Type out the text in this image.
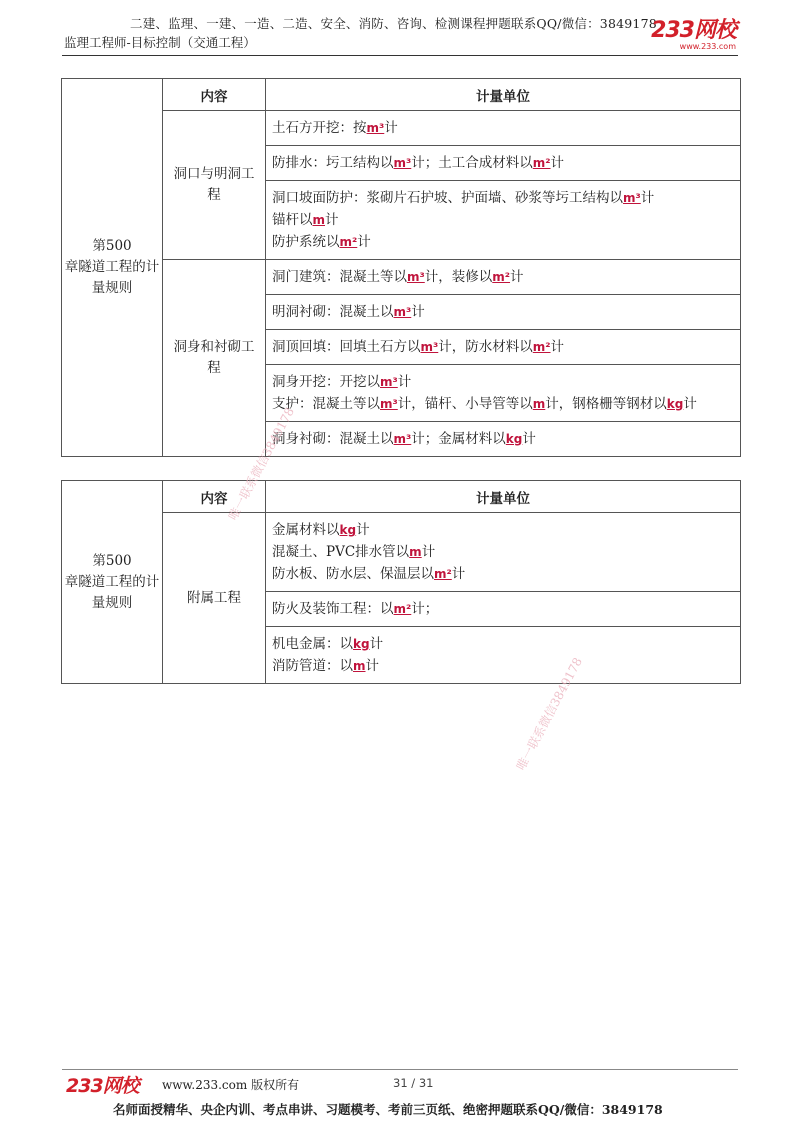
二建、监理、一建、一造、二造、安全、消防、咨询、检测课程押题联系QQ/微信：3849178
监理工程师-目标控制（交通工程）	233网校
www.233.com
第500
章隧道工程的计
量规则	内容	计量单位

	洞口与明洞工
程	土石方开挖：按m³计

		防排水：圬工结构以m³计；土工合成材料以m²计

		洞口坡面防护：浆砌片石护坡、护面墙、砂浆等圬工结构以m³计
锚杆以m计
防护系统以m²计

	洞身和衬砌工
程	洞门建筑：混凝土等以m³计，装修以m²计

		明洞衬砌：混凝土以m³计

		洞顶回填：回填土石方以m³计，防水材料以m²计

		洞身开挖：开挖以m³计
支护：混凝土等以m³计，锚杆、小导管等以m计，钢格栅等钢材以kg计

		洞身衬砌：混凝土以m³计；金属材料以kg计
第500
章隧道工程的计
量规则	内容	计量单位

	附属工程	金属材料以kg计
混凝土、PVC排水管以m计
防水板、防水层、保温层以m²计

		防火及装饰工程：以m²计；

		机电金属：以kg计
消防管道：以m计
唯一联系微信3849178
唯一联系微信3849178
233网校 www.233.com 版权所有	31 / 31
名师面授精华、央企内训、考点串讲、习题模考、考前三页纸、绝密押题联系QQ/微信：3849178
